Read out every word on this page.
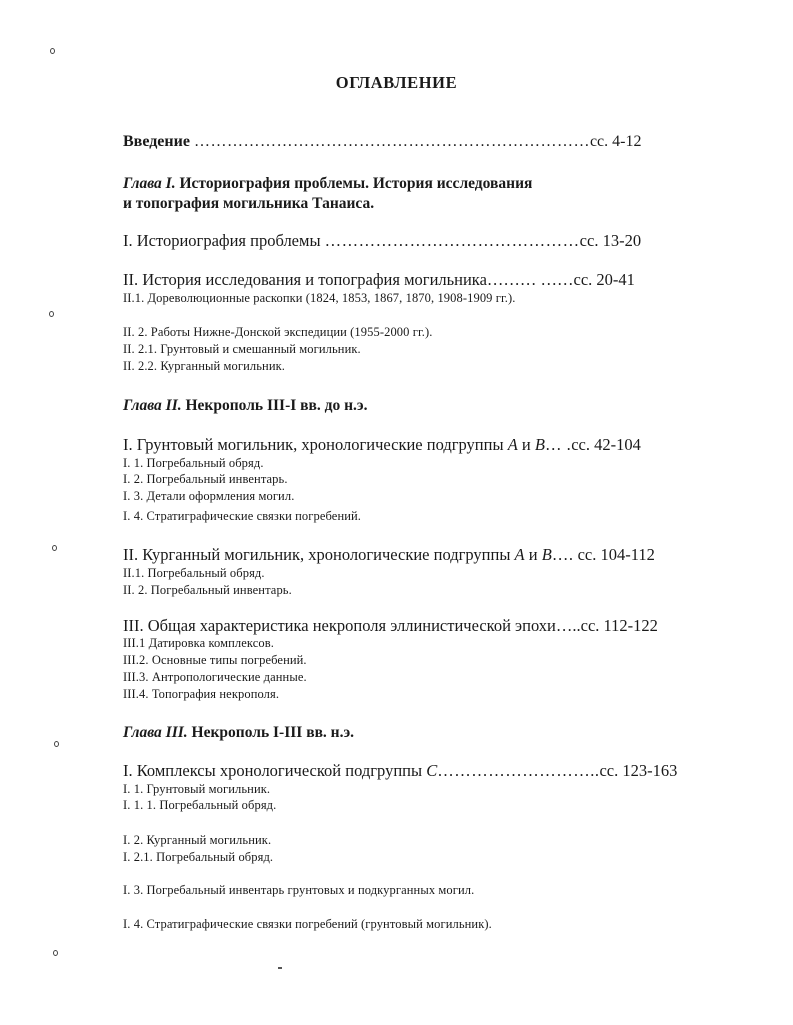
ОГЛАВЛЕНИЕ
Введение ………………………………………………………………сс. 4-12
Глава I. Историография проблемы. История исследования
и топография могильника Танаиса.
I. Историография проблемы ………………………………………сс. 13-20
II. История исследования и топография могильника……… ……сс. 20-41
II.1. Дореволюционные раскопки (1824, 1853, 1867, 1870, 1908-1909 гг.).
II. 2. Работы Нижне-Донской экспедиции (1955-2000 гг.).
II. 2.1. Грунтовый и смешанный могильник.
II. 2.2. Курганный могильник.
Глава II. Некрополь III-I вв. до н.э.
I. Грунтовый могильник, хронологические подгруппы А и В… .сс. 42-104
I. 1. Погребальный обряд.
I. 2. Погребальный инвентарь.
I. 3. Детали оформления могил.
I. 4. Стратиграфические связки погребений.
II. Курганный могильник, хронологические подгруппы А и В…. сс. 104-112
II.1. Погребальный обряд.
II. 2. Погребальный инвентарь.
III. Общая характеристика некрополя эллинистической эпохи…..сс. 112-122
III.1 Датировка комплексов.
III.2. Основные типы погребений.
III.3. Антропологические данные.
III.4. Топография некрополя.
Глава III. Некрополь I-III вв. н.э.
I. Комплексы хронологической подгруппы С………………………..сс. 123-163
I. 1. Грунтовый могильник.
I. 1. 1. Погребальный обряд.
I. 2. Курганный могильник.
I. 2.1. Погребальный обряд.
I. 3. Погребальный инвентарь грунтовых и подкурганных могил.
I. 4. Стратиграфические связки погребений (грунтовый могильник).
